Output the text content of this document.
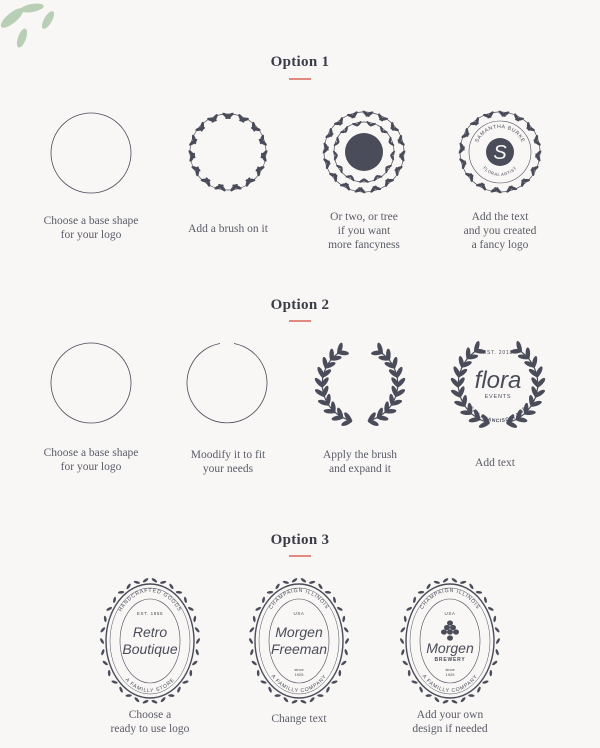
Option 1
S
SAMANTHA BURKE
FLORAL ARTIST
Choose a base shape
for your logo	Add a brush on it
Or two, or tree
if you want
more fancyness
Add the text
and you created
a fancy logo
Option 2
EST. 2013
flora
EVENTS
SAN FRANCISCO, USA
Choose a base shape
for your logo
Moodify it to fit
your needs
Apply the brush
and expand it	Add text
Option 3
HANDCRAFTED GOODS
A FAMILLY STORE
EST. 1855
Retro
Boutique
CHAMPAIGN ILLINOIS
A FAMILLY COMPANY
USA
Morgen
Freeman
since
1925
CHAMPAIGN ILLINOIS
A FAMILLY COMPANY
USA
Morgen
BREWERY
since
1925
Choose a
ready to use logo
Change text	Add your own
design if needed
